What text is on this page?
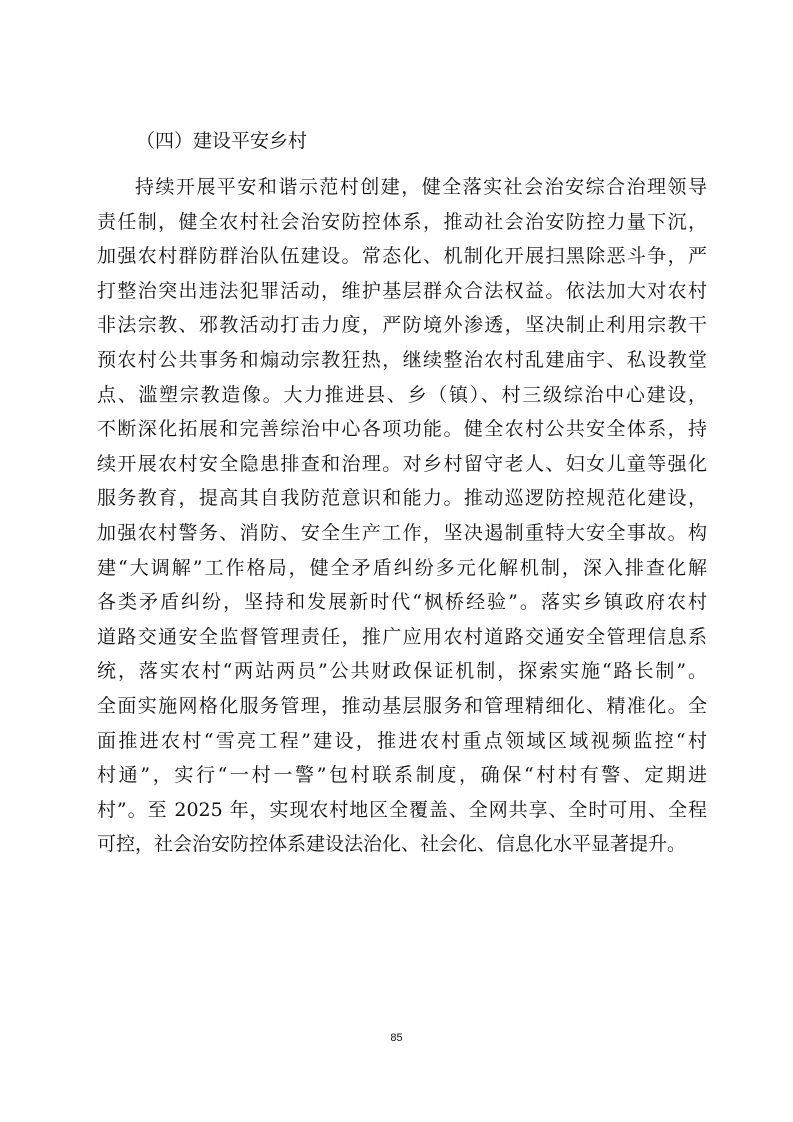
（四）建设平安乡村
持续开展平安和谐示范村创建，健全落实社会治安综合治理领导
责任制，健全农村社会治安防控体系，推动社会治安防控力量下沉，
加强农村群防群治队伍建设。常态化、机制化开展扫黑除恶斗争，严
打整治突出违法犯罪活动，维护基层群众合法权益。依法加大对农村
非法宗教、邪教活动打击力度，严防境外渗透，坚决制止利用宗教干
预农村公共事务和煽动宗教狂热，继续整治农村乱建庙宇、私设教堂
点、滥塑宗教造像。大力推进县、乡（镇）、村三级综治中心建设，
不断深化拓展和完善综治中心各项功能。健全农村公共安全体系，持
续开展农村安全隐患排查和治理。对乡村留守老人、妇女儿童等强化
服务教育，提高其自我防范意识和能力。推动巡逻防控规范化建设，
加强农村警务、消防、安全生产工作，坚决遏制重特大安全事故。构
建“大调解”工作格局，健全矛盾纠纷多元化解机制，深入排查化解
各类矛盾纠纷，坚持和发展新时代“枫桥经验”。落实乡镇政府农村
道路交通安全监督管理责任，推广应用农村道路交通安全管理信息系
统，落实农村“两站两员”公共财政保证机制，探索实施“路长制”。
全面实施网格化服务管理，推动基层服务和管理精细化、精准化。全
面推进农村“雪亮工程”建设，推进农村重点领域区域视频监控“村
村通”，实行“一村一警”包村联系制度，确保“村村有警、定期进
村”。至 2025 年，实现农村地区全覆盖、全网共享、全时可用、全程
可控，社会治安防控体系建设法治化、社会化、信息化水平显著提升。
85
